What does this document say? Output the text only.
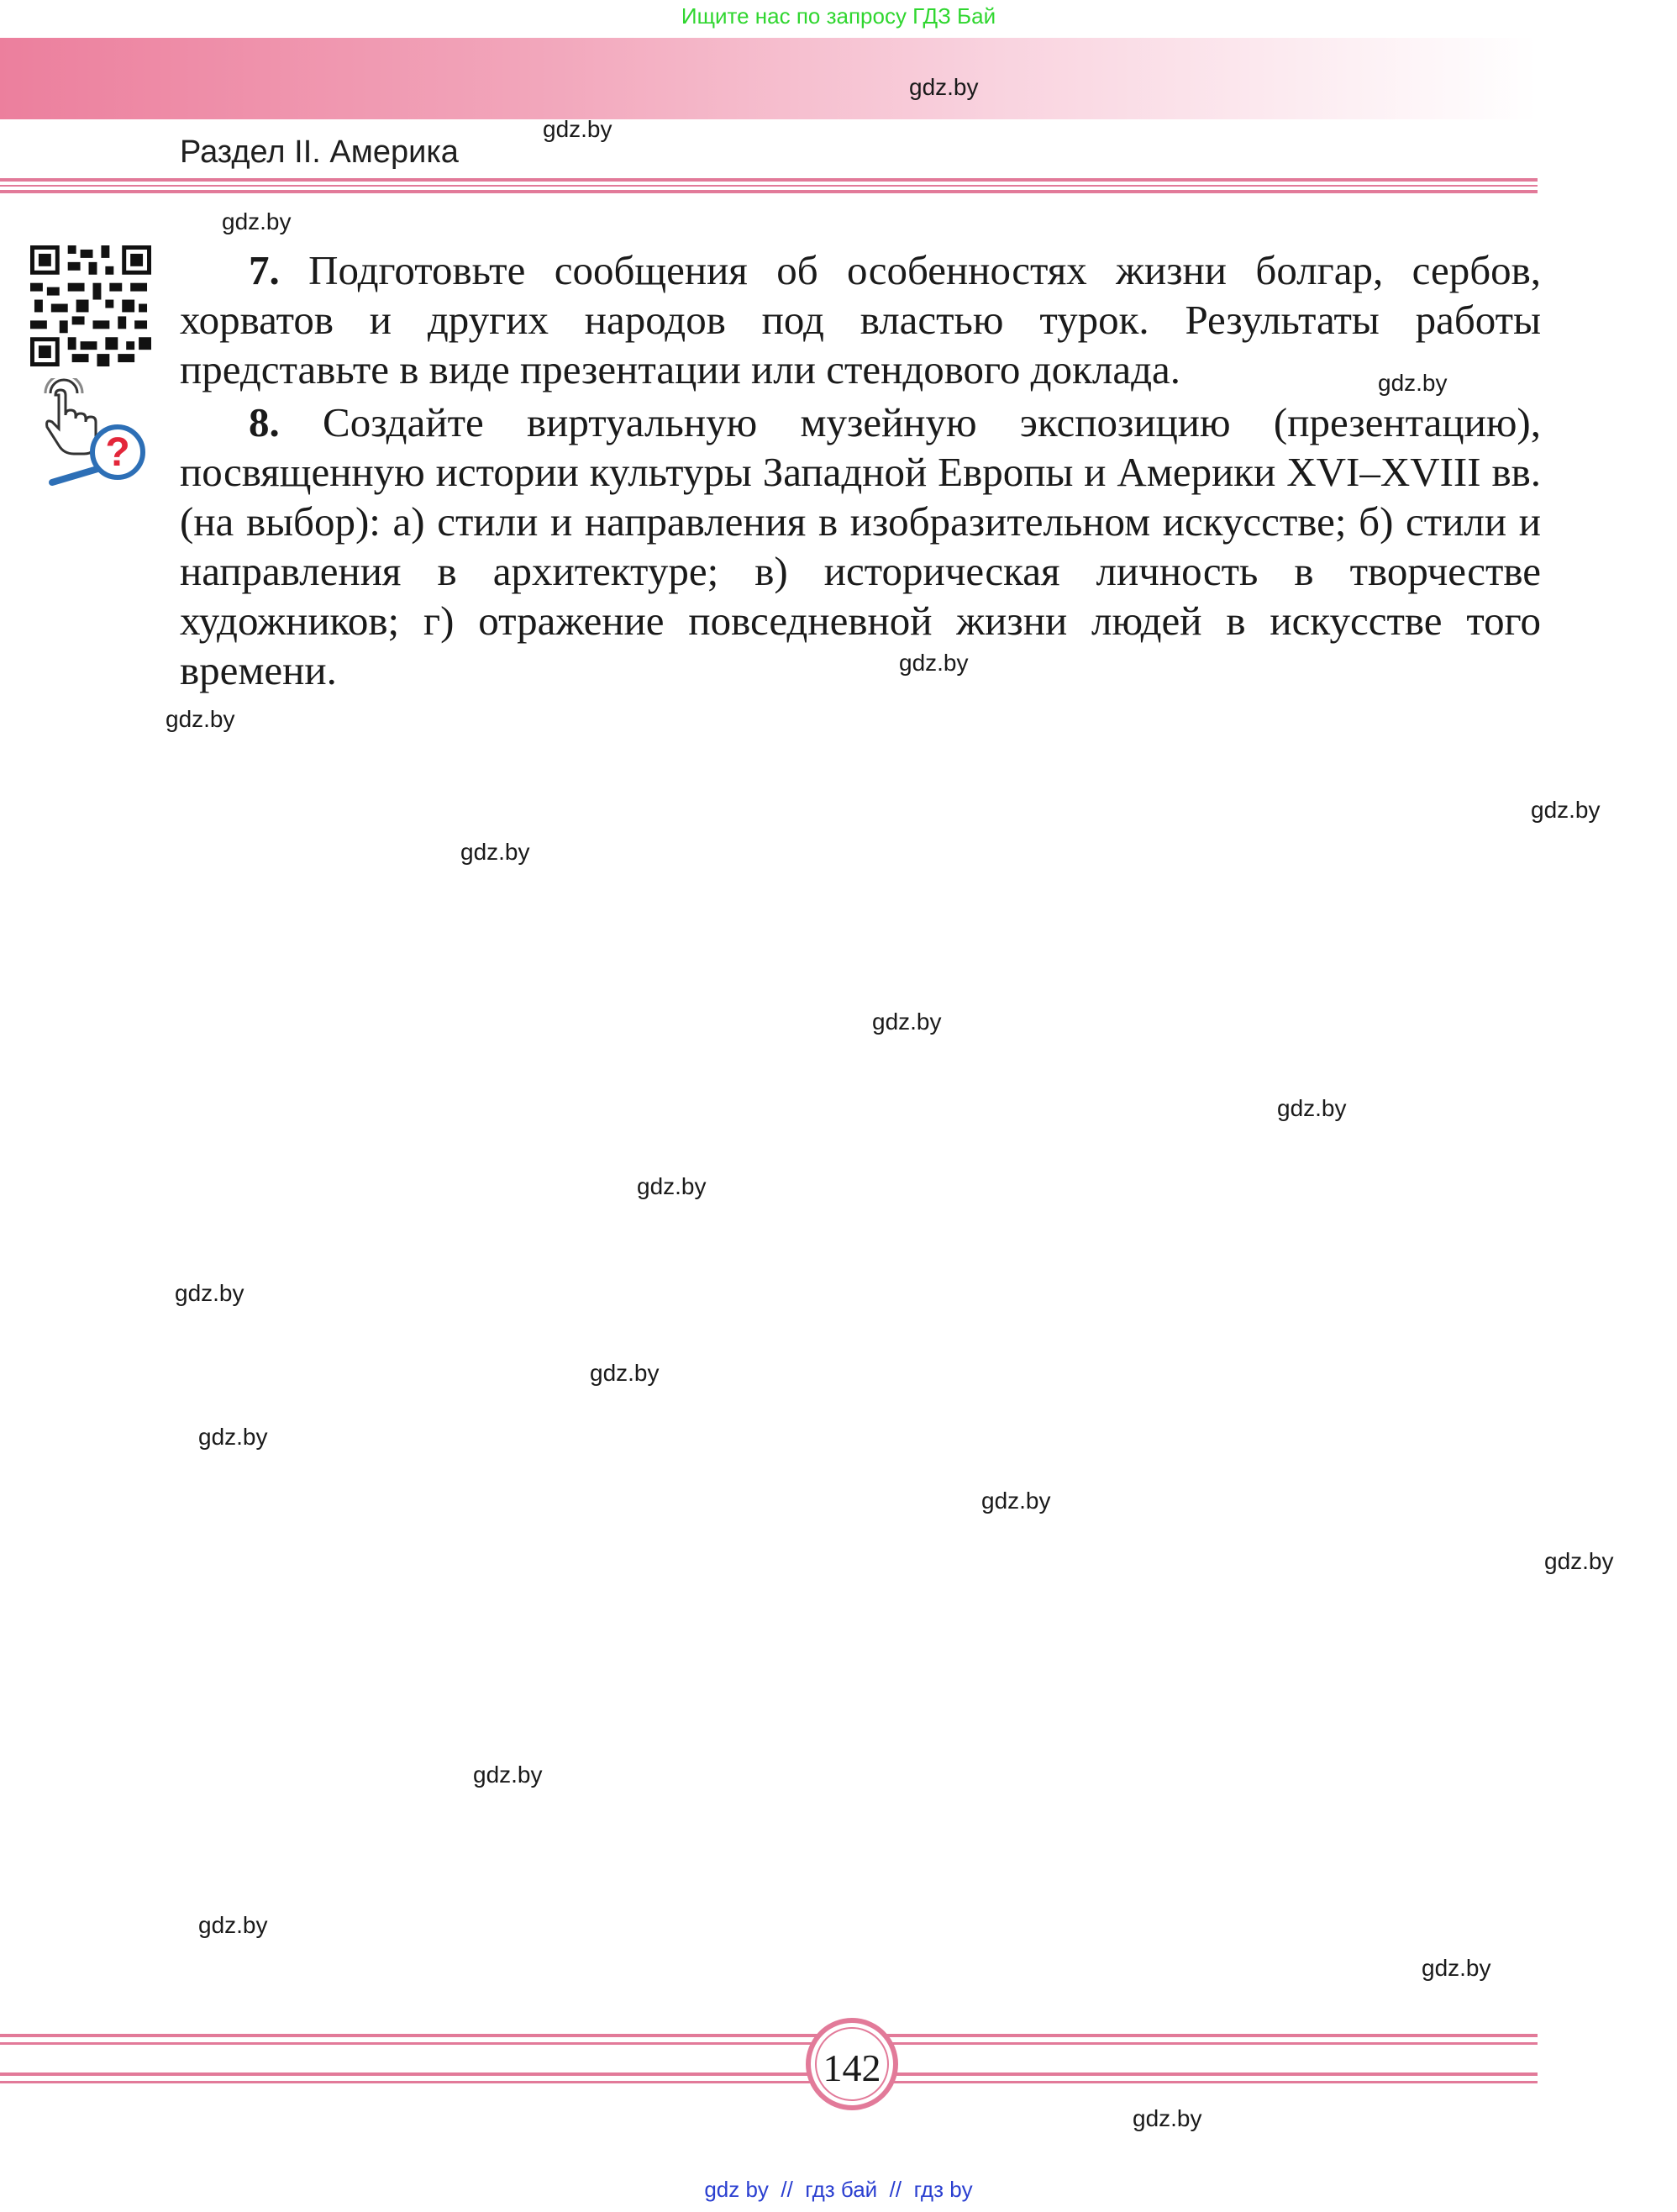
Ищите нас по запросу ГДЗ Бай
Раздел II. Америка
?

7. Подготовьте сообщения об особенностях жизни болгар, сербов, хорватов и других народов под властью турок. Результаты работы представьте в виде презентации или стендового доклада.

8. Создайте виртуальную музейную экспозицию (презентацию), посвященную истории культуры Западной Европы и Америки XVI–XVIII вв. (на выбор): а) стили и направления в изобразительном искусстве; б) стили и направления в архитектуре; в) историческая личность в творчестве художников; г) отражение повседневной жизни людей в искусстве того времени.

gdz.by
gdz.by
gdz.by
gdz.by
gdz.by
gdz.by
gdz.by
gdz.by
gdz.by
gdz.by
gdz.by
gdz.by
gdz.by
gdz.by
gdz.by
gdz.by
gdz.by
gdz.by
gdz.by
gdz.by
142
gdz by // гдз бай // гдз by
